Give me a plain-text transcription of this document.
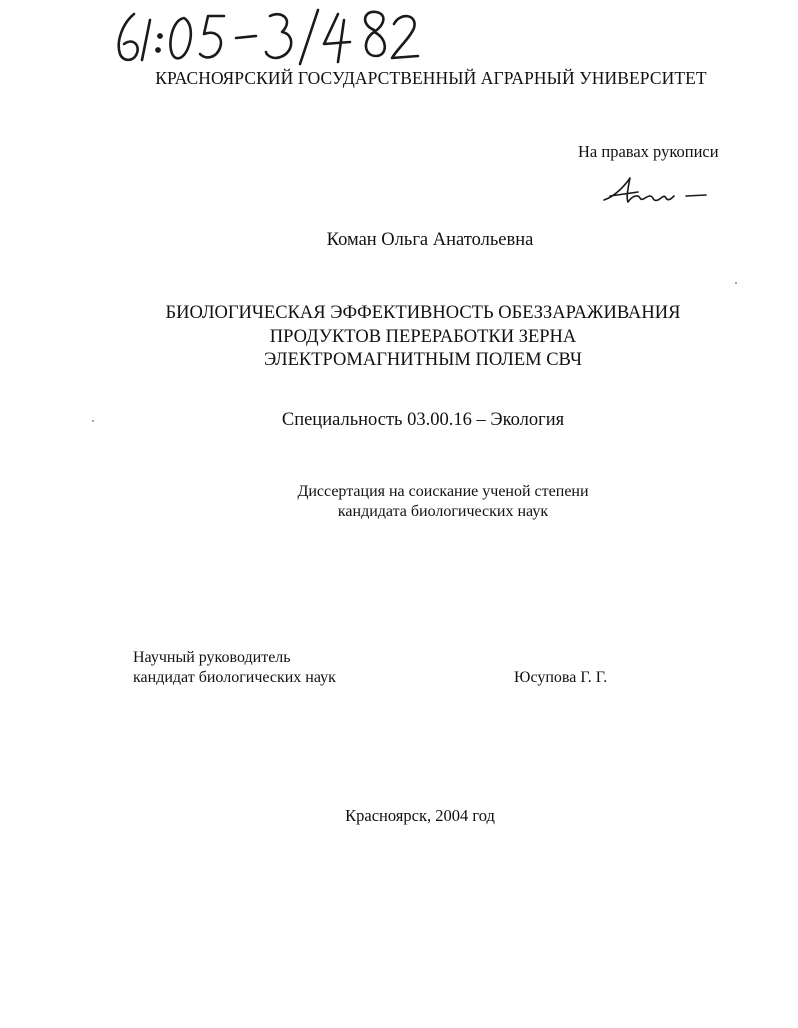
КРАСНОЯРСКИЙ ГОСУДАРСТВЕННЫЙ АГРАРНЫЙ УНИВЕРСИТЕТ
На правах рукописи
Коман Ольга Анатольевна
БИОЛОГИЧЕСКАЯ ЭФФЕКТИВНОСТЬ ОБЕЗЗАРАЖИВАНИЯ
ПРОДУКТОВ ПЕРЕРАБОТКИ ЗЕРНА
ЭЛЕКТРОМАГНИТНЫМ ПОЛЕМ СВЧ
Специальность 03.00.16 – Экология
Диссертация на соискание ученой степени
кандидата биологических наук
Научный руководитель
кандидат биологических наук	Юсупова Г. Г.
Красноярск, 2004 год
